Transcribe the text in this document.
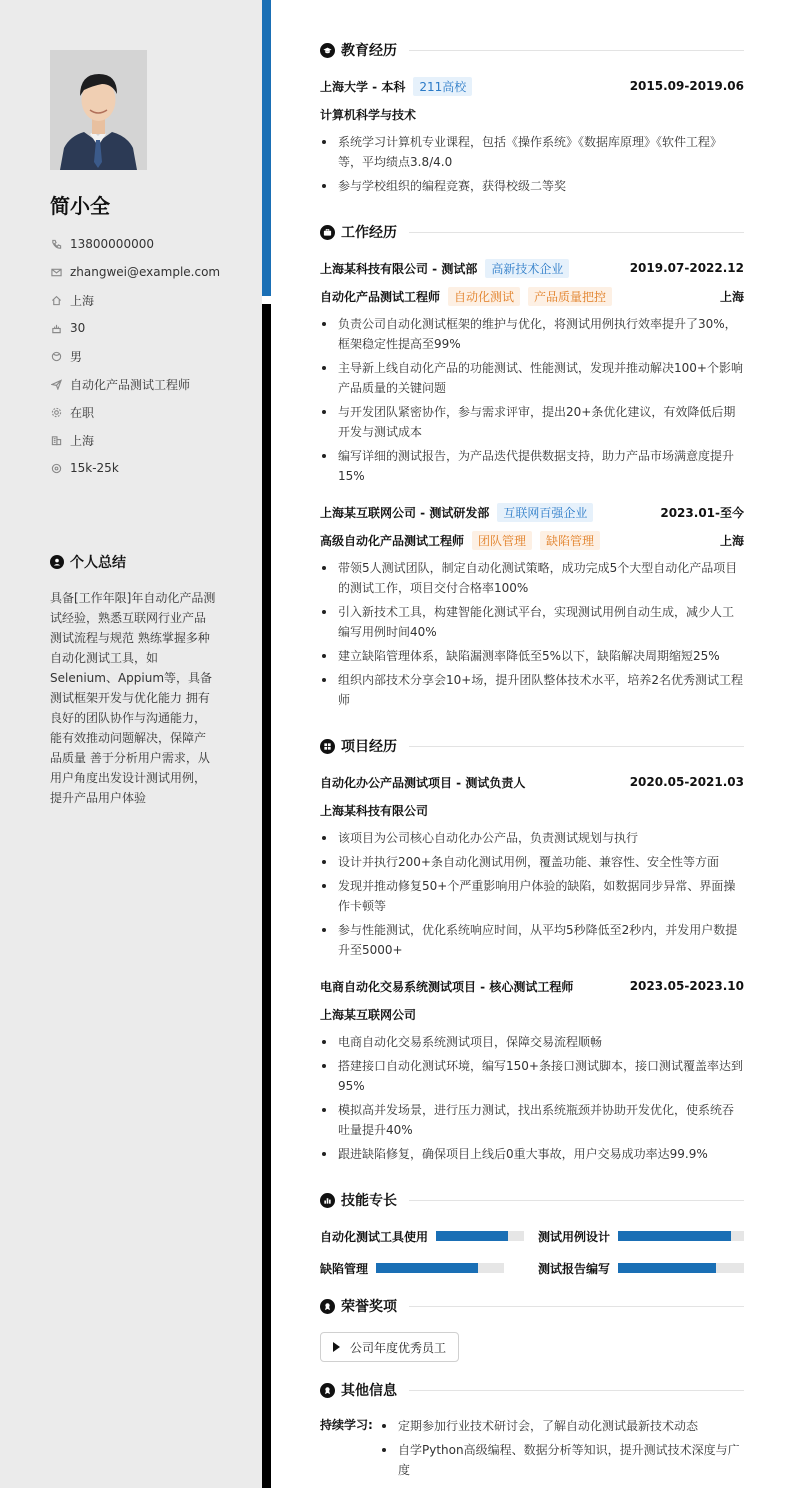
简小全
13800000000
zhangwei@example.com
上海
30
男
自动化产品测试工程师
在职
上海
15k-25k
个人总结
具备[工作年限]年自动化产品测试经验，熟悉互联网行业产品测试流程与规范 熟练掌握多种自动化测试工具，如Selenium、Appium等，具备测试框架开发与优化能力 拥有良好的团队协作与沟通能力，能有效推动问题解决，保障产品质量 善于分析用户需求，从用户角度出发设计测试用例，提升产品用户体验
教育经历
上海大学 - 本科	211高校	2015.09-2019.06
计算机科学与技术
系统学习计算机专业课程，包括《操作系统》《数据库原理》《软件工程》等，平均绩点3.8/4.0
参与学校组织的编程竞赛，获得校级二等奖
工作经历
上海某科技有限公司 - 测试部	高新技术企业	2019.07-2022.12
自动化产品测试工程师	自动化测试	产品质量把控	上海
负责公司自动化测试框架的维护与优化，将测试用例执行效率提升了30%，框架稳定性提高至99%
主导新上线自动化产品的功能测试、性能测试，发现并推动解决100+个影响产品质量的关键问题
与开发团队紧密协作，参与需求评审，提出20+条优化建议，有效降低后期开发与测试成本
编写详细的测试报告，为产品迭代提供数据支持，助力产品市场满意度提升15%
上海某互联网公司 - 测试研发部	互联网百强企业	2023.01-至今
高级自动化产品测试工程师	团队管理	缺陷管理	上海
带领5人测试团队，制定自动化测试策略，成功完成5个大型自动化产品项目的测试工作，项目交付合格率100%
引入新技术工具，构建智能化测试平台，实现测试用例自动生成，减少人工编写用例时间40%
建立缺陷管理体系，缺陷漏测率降低至5%以下，缺陷解决周期缩短25%
组织内部技术分享会10+场，提升团队整体技术水平，培养2名优秀测试工程师
项目经历
自动化办公产品测试项目 - 测试负责人	2020.05-2021.03
上海某科技有限公司
该项目为公司核心自动化办公产品，负责测试规划与执行
设计并执行200+条自动化测试用例，覆盖功能、兼容性、安全性等方面
发现并推动修复50+个严重影响用户体验的缺陷，如数据同步异常、界面操作卡顿等
参与性能测试，优化系统响应时间，从平均5秒降低至2秒内，并发用户数提升至5000+
电商自动化交易系统测试项目 - 核心测试工程师	2023.05-2023.10
上海某互联网公司
电商自动化交易系统测试项目，保障交易流程顺畅
搭建接口自动化测试环境，编写150+条接口测试脚本，接口测试覆盖率达到95%
模拟高并发场景，进行压力测试，找出系统瓶颈并协助开发优化，使系统吞吐量提升40%
跟进缺陷修复，确保项目上线后0重大事故，用户交易成功率达99.9%
技能专长
自动化测试工具使用	测试用例设计
缺陷管理	测试报告编写
荣誉奖项
公司年度优秀员工
其他信息
持续学习:	定期参加行业技术研讨会，了解自动化测试最新技术动态
自学Python高级编程、数据分析等知识，提升测试技术深度与广度
